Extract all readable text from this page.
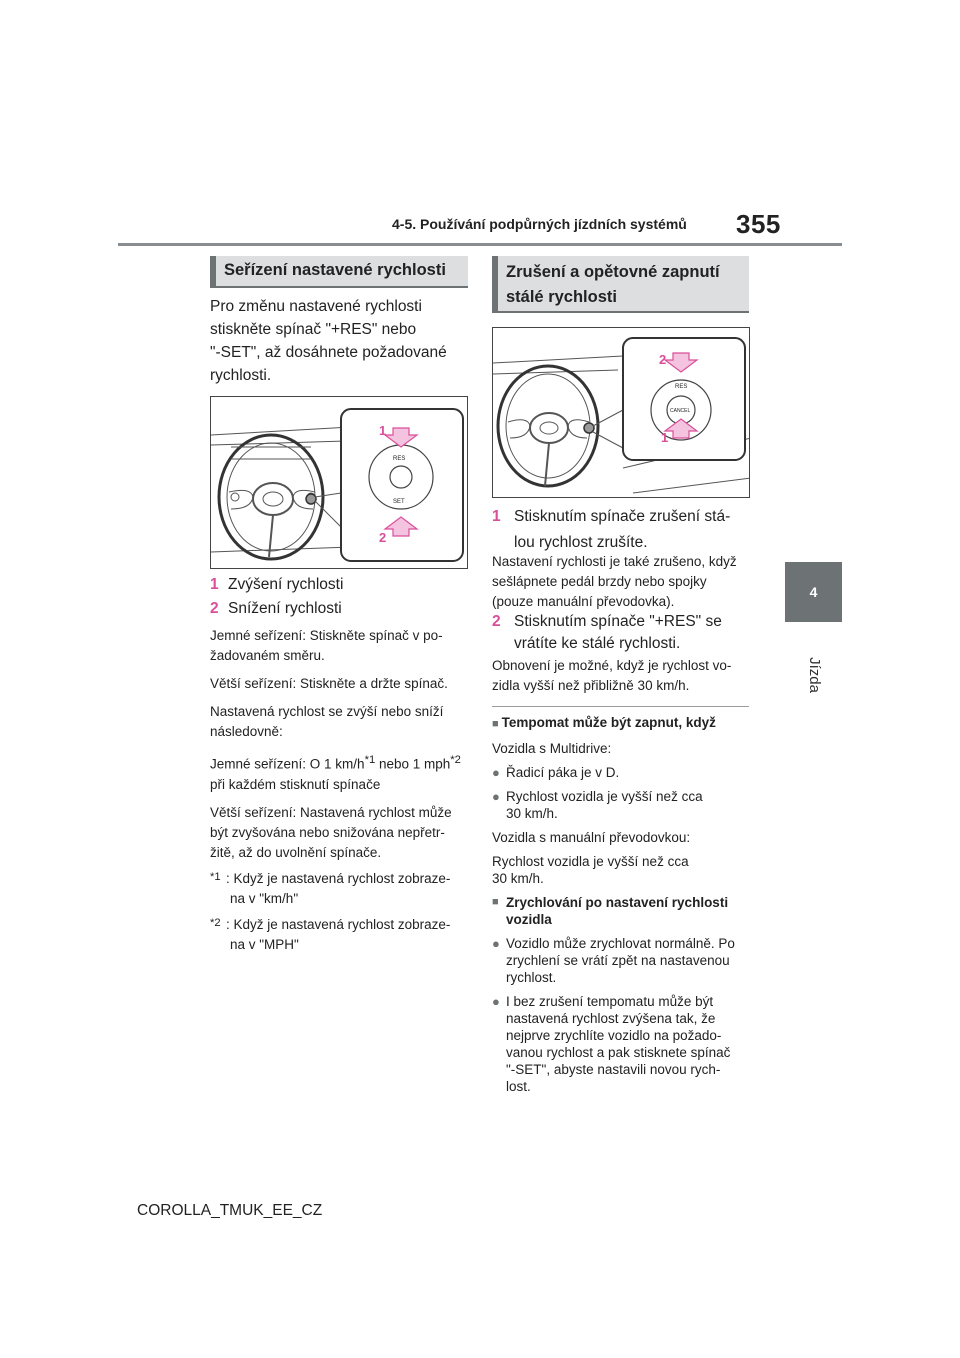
4-5. Používání podpůrných jízdních systémů 355
4
Jízda
Seřízení nastavené rychlosti
Pro změnu nastavené rychlosti
stiskněte spínač "+RES" nebo
"-SET", až dosáhnete požadované
rychlosti.
RES
SET
1
2
1 Zvýšení rychlosti
2 Snížení rychlosti
Jemné seřízení: Stiskněte spínač v po-
žadovaném směru.
Větší seřízení: Stiskněte a držte spínač.
Nastavená rychlost se zvýší nebo sníží
následovně:
Jemné seřízení: O 1 $km/h^{*1}$ nebo 1 mph$^{*2}$
při každém stisknutí spínače
Větší seřízení: Nastavená rychlost může
být zvyšována nebo snižována nepřetr-
žitě, až do uvolnění spínače.
*1 : Když je nastavená rychlost zobraze-
na v "km/h"
*2 : Když je nastavená rychlost zobraze-
na v "MPH"
Zrušení a opětovné zapnutí
stálé rychlosti
RES
CANCEL
2
1
1 Stisknutím spínače zrušení stá-
lou rychlost zrušíte.
Nastavení rychlosti je také zrušeno, když
sešlápnete pedál brzdy nebo spojky
(pouze manuální převodovka).
2 Stisknutím spínače "+RES" se
vrátíte ke stálé rychlosti.
Obnovení je možné, když je rychlost vo-
zidla vyšší než přibližně 30 km/h.
■ Tempomat může být zapnut, když
Vozidla s Multidrive:
● Řadicí páka je v D.
● Rychlost vozidla je vyšší než cca
30 km/h.
Vozidla s manuální převodovkou:
Rychlost vozidla je vyšší než cca
30 km/h.
■ Zrychlování po nastavení rychlosti
vozidla
● Vozidlo může zrychlovat normálně. Po
zrychlení se vrátí zpět na nastavenou
rychlost.
● I bez zrušení tempomatu může být
nastavená rychlost zvýšena tak, že
nejprve zrychlíte vozidlo na požado-
vanou rychlost a pak stisknete spínač
"-SET", abyste nastavili novou rych-
lost.
COROLLA_TMUK_EE_CZ
